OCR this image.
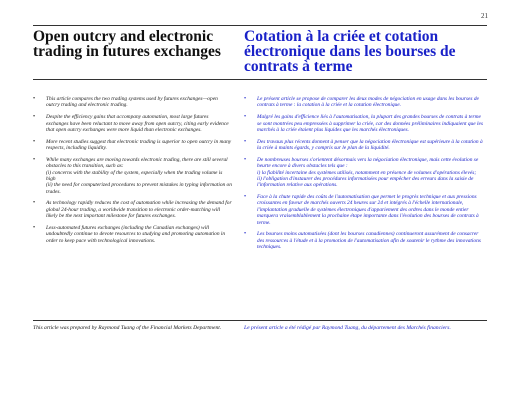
21
Open outcry and electronic trading in futures exchanges
Cotation à la criée et cotation électronique dans les bourses de contrats à terme
• This article compares the two trading systems used by futures exchanges—open outcry trading and electronic trading.
• Despite the efficiency gains that accompany automation, most large futures exchanges have been reluctant to move away from open outcry, citing early evidence that open outcry exchanges were more liquid than electronic exchanges.
• More recent studies suggest that electronic trading is superior to open outcry in many respects, including liquidity.
• While many exchanges are moving towards electronic trading, there are still several obstacles to this transition, such as:
(i) concerns with the stability of the system, especially when the trading volume is high
(ii) the need for computerized procedures to prevent mistakes in typing information on trades.
• As technology rapidly reduces the cost of automation while increasing the demand for global 24-hour trading, a worldwide transition to electronic order-matching will likely be the next important milestone for futures exchanges.
• Less-automated futures exchanges (including the Canadian exchanges) will undoubtedly continue to devote resources to studying and promoting automation in order to keep pace with technological innovations.
• Le présent article se propose de comparer les deux modes de négociation en usage dans les bourses de contrats à terme : la cotation à la criée et la cotation électronique.
• Malgré les gains d'efficience liés à l'automatisation, la plupart des grandes bourses de contrats à terme se sont montrées peu empressées à supprimer la criée, car des données préliminaires indiquaient que les marchés à la criée étaient plus liquides que les marchés électroniques.
• Des travaux plus récents donnent à penser que la négociation électronique est supérieure à la cotation à la criée à maints égards, y compris sur le plan de la liquidité.
• De nombreuses bourses s'orientent désormais vers la négociation électronique, mais cette évolution se heurte encore à divers obstacles tels que :
i) la fiabilité incertaine des systèmes utilisés, notamment en présence de volumes d'opérations élevés;
ii) l'obligation d'instaurer des procédures informatisées pour empêcher des erreurs dans la saisie de l'information relative aux opérations.
• Face à la chute rapide des coûts de l'automatisation que permet le progrès technique et aux pressions croissantes en faveur de marchés ouverts 24 heures sur 24 et intégrés à l'échelle internationale, l'implantation graduelle de systèmes électroniques d'appariement des ordres dans le monde entier marquera vraisemblablement la prochaine étape importante dans l'évolution des bourses de contrats à terme.
• Les bourses moins automatisées (dont les bourses canadiennes) continueront assurément de consacrer des ressources à l'étude et à la promotion de l'automatisation afin de soutenir le rythme des innovations techniques.
This article was prepared by Raymond Tuang of the Financial Markets Department.	Le présent article a été rédigé par Raymond Tuang, du département des Marchés financiers.
